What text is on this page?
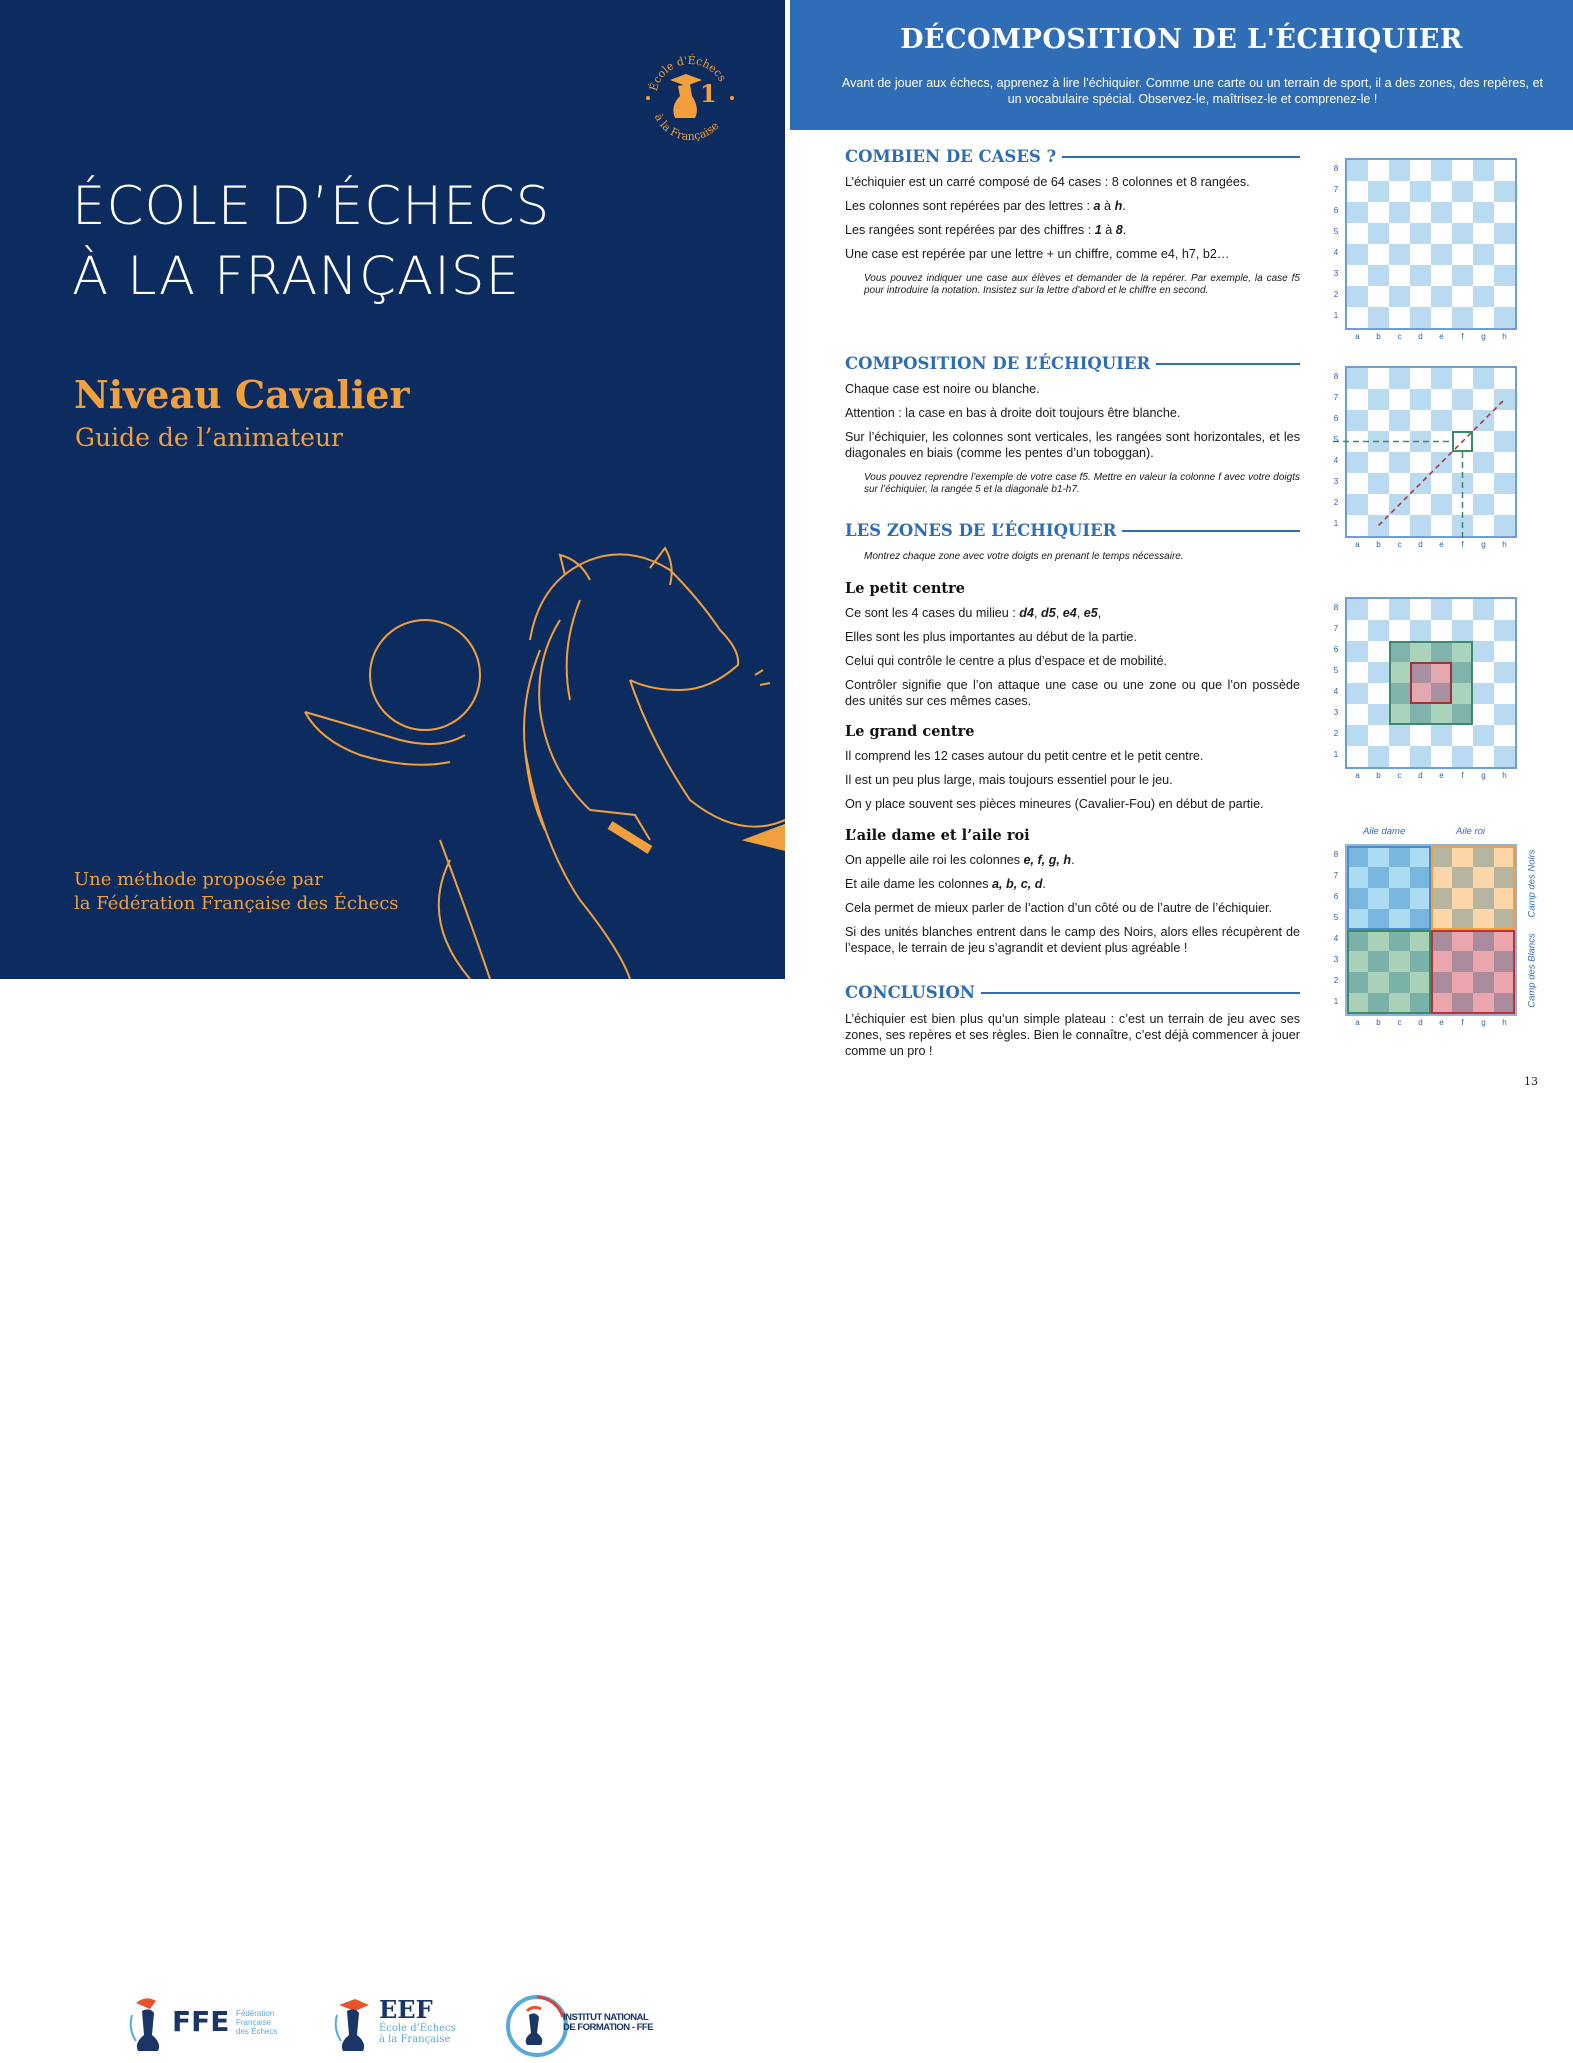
École d'Échecs
à la Française
1
ÉCOLE D’ÉCHECS
À LA FRANÇAISE
Niveau Cavalier
Guide de l’animateur
Une méthode proposée par
la Fédération Française des Échecs
FFE Fédération
Française
des Échecs
EEF
École d’Échecs
à la Française
INSTITUT NATIONAL
DE FORMATION - FFE
DÉCOMPOSITION DE L'ÉCHIQUIER

Avant de jouer aux échecs, apprenez à lire l’échiquier. Comme une carte ou un terrain de sport, il a des zones, des repères, et un vocabulaire spécial. Observez-le, maîtrisez-le et comprenez-le !

COMBIEN DE CASES ?
L’échiquier est un carré composé de 64 cases : 8 colonnes et 8 rangées.
Les colonnes sont repérées par des lettres : a à h.
Les rangées sont repérées par des chiffres : 1 à 8.
Une case est repérée par une lettre + un chiffre, comme e4, h7, b2…
Vous pouvez indiquer une case aux élèves et demander de la repérer. Par exemple, la case f5 pour introduire la notation. Insistez sur la lettre d'abord et le chiffre en second.
COMPOSITION DE L’ÉCHIQUIER
Chaque case est noire ou blanche.
Attention : la case en bas à droite doit toujours être blanche.
Sur l’échiquier, les colonnes sont verticales, les rangées sont horizontales, et les diagonales en biais (comme les pentes d’un toboggan).
Vous pouvez reprendre l’exemple de votre case f5. Mettre en valeur la colonne f avec votre doigts sur l’échiquier, la rangée 5 et la diagonale b1-h7.
LES ZONES DE L’ÉCHIQUIER
Montrez chaque zone avec votre doigts en prenant le temps nécessaire.
Le petit centre
Ce sont les 4 cases du milieu : d4, d5, e4, e5,
Elles sont les plus importantes au début de la partie.
Celui qui contrôle le centre a plus d’espace et de mobilité.
Contrôler signifie que l’on attaque une case ou une zone ou que l’on possède des unités sur ces mêmes cases.
Le grand centre
Il comprend les 12 cases autour du petit centre et le petit centre.
Il est un peu plus large, mais toujours essentiel pour le jeu.
On y place souvent ses pièces mineures (Cavalier-Fou) en début de partie.
L’aile dame et l’aile roi
On appelle aile roi les colonnes e, f, g, h.
Et aile dame les colonnes a, b, c, d.
Cela permet de mieux parler de l’action d’un côté ou de l’autre de l’échiquier.
Si des unités blanches entrent dans le camp des Noirs, alors elles récupèrent de l’espace, le terrain de jeu s’agrandit et devient plus agréable !
CONCLUSION
L’échiquier est bien plus qu’un simple plateau : c’est un terrain de jeu avec ses zones, ses repères et ses règles. Bien le connaître, c’est déjà commencer à jouer comme un pro !
13
Aile dame	Aile roi
Camp des Noirs
Camp des Blancs
8
7
6
5
4
3
2
1
a	b	c	d	e	f	g	h
8
7
6
5
4
3
2
1
a	b	c	d	e	f	g	h
8
7
6
5
4
3
2
1
a	b	c	d	e	f	g	h
8
7
6
5
4
3
2
1
a	b	c	d	e	f	g	h
